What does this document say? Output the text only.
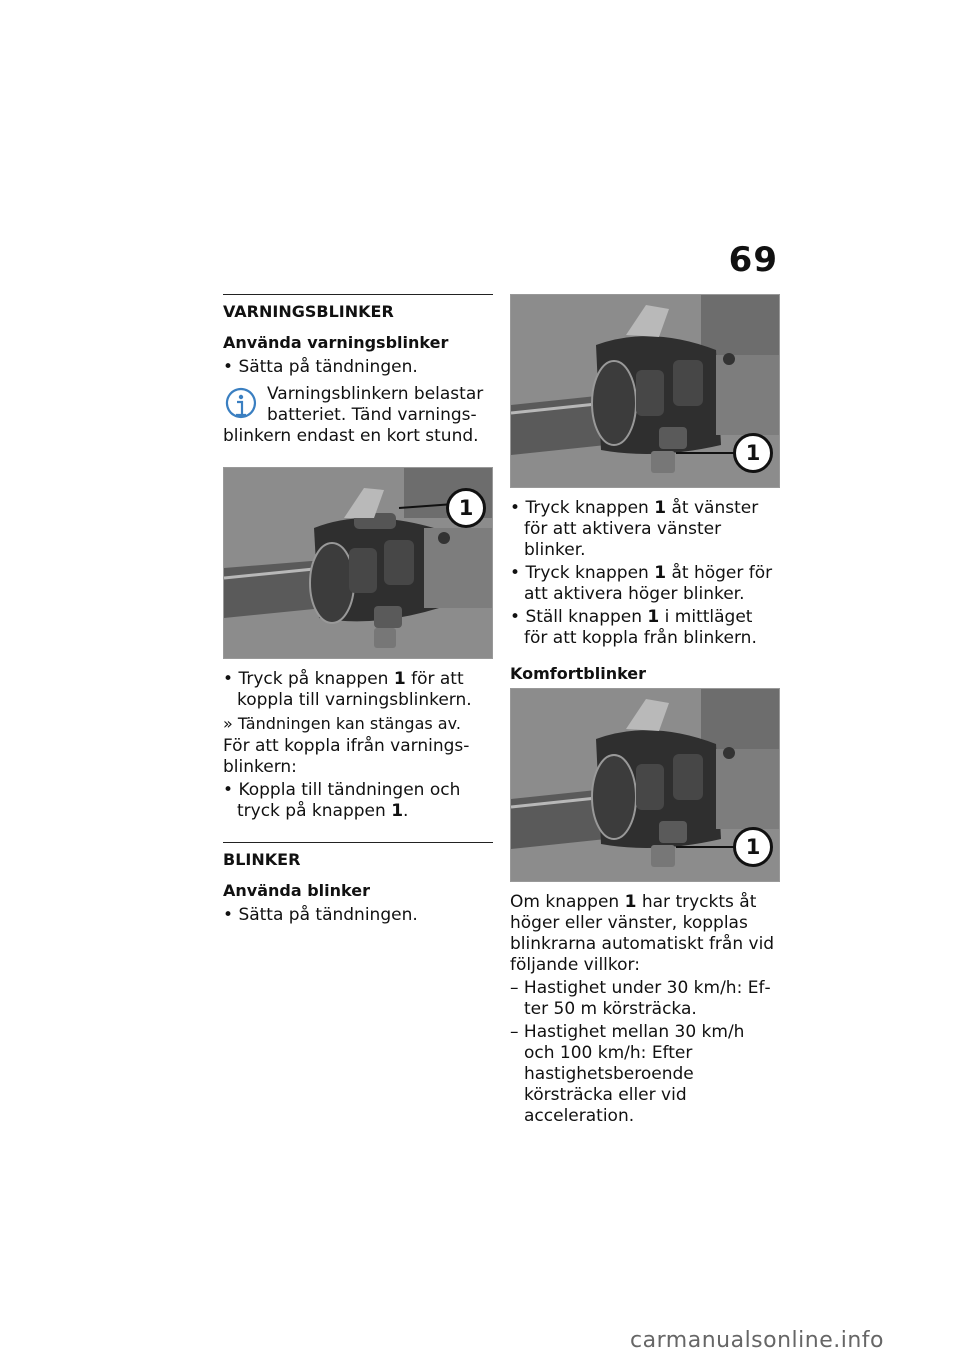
69
VARNINGSBLINKER
Använda varningsblinker
• Sätta på tändningen.
Varningsblinkern belastar batteriet. Tänd varningsblinkern endast en kort stund.
1
• Tryck på knappen 1 för att koppla till varningsblinkern.
» Tändningen kan stängas av.
För att koppla ifrån varningsblinkern:
• Koppla till tändningen och tryck på knappen 1.
BLINKER
Använda blinker
• Sätta på tändningen.
1
• Tryck knappen 1 åt vänster för att aktivera vänster blinker.
• Tryck knappen 1 åt höger för att aktivera höger blinker.
• Ställ knappen 1 i mittläget för att koppla från blinkern.
Komfortblinker
1
Om knappen 1 har tryckts åt höger eller vänster, kopplas blinkrarna automatiskt från vid följande villkor:
– Hastighet under 30 km/h: Efter 50 m körsträcka.
– Hastighet mellan 30 km/h och 100 km/h: Efter hastighetsberoende körsträcka eller vid acceleration.
carmanualsonline.info
